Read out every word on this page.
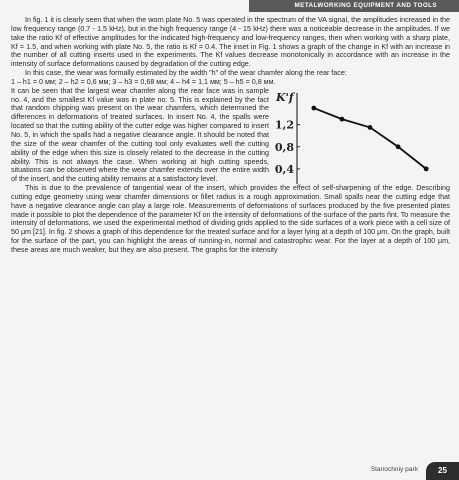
METALWORKING EQUIPMENT AND TOOLS

In fig. 1 it is clearly seen that when the worn plate No. 5 was operated in the spectrum of the VA signal, the amplitudes increased in the low frequency range (0.7 - 1.5 kHz), but in the high frequency range (4 - 15 kHz) there was a noticeable decrease in the amplitudes. If we take the ratio Kf of effective amplitudes for the indicated high-frequency and low-frequency ranges, then when working with a sharp plate, Kf = 1.5, and when working with plate No. 5, the ratio is Kf = 0.4. The inset in Fig. 1 shows a graph of the change in Kf with an increase in the number of all cutting inserts used in the experiments. The Kf values decrease monotonically in accordance with an increase in the intensity of surface deformations caused by degradation of the cutting edge.

In this case, the wear was formally estimated by the width "h" of the wear chamfer along the rear face:

1 – h1 = 0 мм; 2 – h2 = 0,6 мм; 3 – h3 = 0,68 мм; 4 – h4 = 1,1 мм; 5 – h5 = 0,8 мм.

It can be seen that the largest wear chamfer along the rear face was in sample no. 4, and the smallest Kf value was in plate no. 5. This is explained by the fact that random chipping was present on the wear chamfers, which determined the differences in deformations of treated surfaces. In insert No. 4, the spalls were located so that the cutting ability of the cutter edge was higher compared to insert No. 5, in which the spalls had a negative clearance angle. It should be noted that the size of the wear chamfer of the cutting tool only evaluates well the cutting ability of the edge when this size is closely related to the decrease in the cutting ability. This is not always the case. When working at high cutting speeds, situations can be observed where the wear chamfer extends over the entire width of the insert, and the cutting ability remains at a satisfactory level.

K'f
0,4
0,8
1,2

This is due to the prevalence of tangential wear of the insert, which provides the effect of self-sharpening of the edge. Describing cutting edge geometry using wear chamfer dimensions or fillet radius is a rough approximation. Small spalls near the cutting edge that have a negative clearance angle can play a large role. Measurements of deformations of surfaces produced by the five presented plates made it possible to plot the dependence of the parameter Kf on the intensity of deformations of the surface of the parts ñnt. To measure the intensity of deformations, we used the experimental method of dividing grids applied to the side surfaces of a work piece with a cell size of 50 μm [21]. In fig. 2 shows a graph of this dependence for the treated surface and for a layer lying at a depth of 100 μm. On the graph, built for the surface of the part, you can highlight the areas of running-in, normal and catastrophic wear. For the layer at a depth of 100 μm, these areas are much weaker, but they are also present. The graphs for the intensity

Stanochniy park	25
